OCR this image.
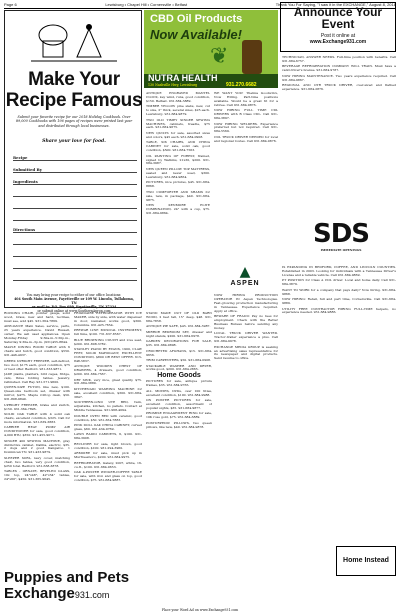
Page 6	Lewisburg • Chapel Hill • Cornersville • Belfast	Thank You For Saying, "I saw it in the EXCHANGE," August 8, 2018
Make Your Recipe Famous
Submit your favorite recipe for our 2018 Holiday Cookbook. Over 89,000 Cookbooks with 196 pages of recipes were printed last year and distributed through local businesses.
Share your love for food.
Recipe
Submitted By
Ingredients
Directions
You may bring your recipe to either of our office locations:
404 South Main Avenue, Fayetteville or 109 W. Lincoln, Tullahoma, TN
or mail to: P.O. Box 699, Fayetteville, TN 37334
or submit online at www.SouthernApron.com

ROCKING CHAIR, pointer gauge, solid wood, brass, new and hard, reclines, must see, sold $45. 931-364-7869.

APPLIANCE Main Sales, service, parts, 25 years experience. David Russell, owner. We sell used appliances. Open Monday-Friday 9:30a.m.-5:30p.m., Saturday 9:30a.m.-3p.m. (931)455-8844.

MAPLE DINING ROOM TABLE with 6 chairs and hutch, good condition, $550. 931-446-4937.

GREEK UPRIGHT FREEZER, self-defrost, two door, $175 each, good condition, $75 or best offer. Bedford. 931-333-9871.

JADE plants, planters, bird cages, fridge, cars, three folding tables. Jewelry, refinished. Call Ray. 931-571-9600.

QUEEN-SIZE FUTON, like new, $100. Queen-size bedroom set, dresser with mirror, $475. Maple rolltop desk, $50. 931-808-9849.

UPRIGHT FREEZER, brake and switch, $150. 931-364-7896.

SOLID OAK TABLE with 4 solid oak chairs, excellent condition, $325. Call for more information. 931-639-3883.

CARRIER HEAT PUMP AIR CONDITIONER for sale, good condition, 4,000 BTU, $350. 931-455-9071.

SINGER 400 SEWING MACHINE, gray distinctive cabinet, Dahlia, electric, $35. 2 dogs and 2 good Kangaroo. 1 Dominican TN. 931-433-9879.

SLEEPER SOFA, navy cover, matching chair, two tables, very good condition, $250 total. Bedford. 931-638-3878.

TABLES - ORNATE, BEVELED GLASS, 10x top, 24"x48", 42"x54" tables, 24"x60", $450. 931-365-9645.

FRIGIDAIRE REFRIGERATOR WITH ICE MAKER, side by side, with water dispenser in door, icemaker, works good, $300. Columbia. 931-425-7654.

PREWAR LINE MUSICAL INSTRUMENT, full time, $100. 731-637-8567.

BLUE BROWNING COUCH and love seat, $200. 931-808-3782.

STANLEY PIANO BY EVANS, 1900, CLAW FEET, SOLID MAHOGANY, EXCELLENT CONDITION, $800 OR BEST OFFER. 615-848-5837.

ANTIQUE WOODEN CHEST OF DRAWERS, 4 drawers, good condition, $200. 931-684-7567.

DRY SINK, very nice, great quality, $75. 931-684-3889.

KITCHENAID WASHING MACHINE for sale, excellent condition, $300. 931-684-3847.

SOUTHERN-LIND UTE BED, twin, adjustable, kitchen, no pallets. Contact at Middle Tennessee. 931-968-4094.

DOUBLE OVEN RED with ceramic, good condition, $50. 931-364-7883.

PINK DOLL OAK CHINA CABINET, curved glass, $60. 931-434-9769.

LAWN RADIO CABINETS, 6, $100. 931-684-3908.

RECLINER for sale, light brown, good condition, $100. 931-294-3960.

ARMOIRE for sale, must pick up in Murfreesboro, $200. 931-684-9975.

REFRIGERATOR, Galaxy, 2007, white, 16-cu.ft., $100. 931-684-9653.

OAK 4-POSTER WINGER-COFFEE TABLE for sale, with iron and glass on top, good condition, $75. 931-684-9887.

STAND MADE OUT OF OLD BARN WOOD, 2 feet tall, 15" deep, $48. 931-684-7858.

ANTIQUE PIE SAFE, $45. 931-684-3987.

MIRROR BEDROOM SET, dresser and night stands, $200. 931-684-6978.

GARDEN DECORATIONS FOR SALE, $35. 931-684-9898.

CROCHETED AFGHANS, $15. 931-684-9656.

TRIM CARPENTERS, $50. 931-684-0908.

STACKABLE WASHER AND DRYER, works good, $200. 931-684-2865.

Home Goods

PICTURES for sale, antique picture frames, $35. 931-684-9765.

ALL MOVIES, DVDs, over 100 titles, excellent condition, $100. 931-684-9988.

ON POSTER PICTURES for sale, excellent condition, assortment of popular sights, $35. 931-684-9877.

PROMISE ENGAGEMENT RING for sale, 10K rose gold, $75. 931-684-3889.

POSTURPEDIC PILLOWS, two queen pillows, like new, $40. 931-684-9878.

CBD Oil Products
Now Available!
❦
NUTRA HEALTH
130 Nashville Hwy, Lewisburg	931.270.6682

ANTIQUE ENGRAVED MANTEL CLOCK, key wind, runs, good condition, $150. Belfast. 931-684-3889.

TIMBER YELLOW pine slabs, new, cut to size, 2" thick, several sizes, $25 each. Lewisburg. 931-684-9879.

TWO OLD TIMEY SINGER SEWING MACHINES, cabinets, treadle, $75 each. 931-684-9675.

NEW QUILTS for sale, assorted sizes and colors, $45 each. 931-684-0908.

TABLE, SIX CHAIRS, AND CHINA CABINET for sale, solid oak, good condition, $500. 931-684-7563.

OIL PAINTING OF FOREST, framed, signed by Watkins, 21x30, $200. 931-684-3987.

NEW QUEEN PILLOW TOP MATTRESS, sealed and never used, $300. Lewisburg. 931-684-9864.

PICTURES, nice pictures, $45. 931-684-8868.

TWO COMFORTER AND SHAMS for sale, new, in package, $40. 931-684-9875.

NEW KENMORE ELITE COMBINATION, 24" with a cup, $75. 931-684-9864.

WE WANT YOU! Thelma Goodwin's, Now Hiring. Part-time positions available. Would be a great fit for a retiree. Call 931-684-9876.

NOW HIRING FULL TIME CDL DRIVERS with B Class CDL. Call 931-684-3897.

NOW HIRING WELDERS. Experience preferred but not required. Call 931-684-5569.

CDL TRUCK DRIVER NEEDED for local and regional routes. Call 931-684-9876.

▲
ASPEN

NOW HIRING PRODUCTION OPERATOR IN Aspen Technologies. Fast-growing production manufacturing in Tennessee. Experience required. Apply at office.

BEWARE OF FRAUD: Pay no fees for employment. Check with the Better Business Bureau before sending any money.

LOCAL TRUCK DRIVER WANTED. Tractor-trailer experience a plus. Call 931-684-9978.

EXCHANGE MEDIA GROUP is seeking an advertising sales representative for its newspaper and digital products. Send resume to office.

Announce Your Event
Post it online at
www.Exchange931.com

TECHNICIAN, ANSWER NEEDS. Full-time position with benefits. Call 931-684-6757.

BEVERAGE REFRIGERATION COMPANY WILL TRAIN. Must have a valid driver's license. 931-684-9787.

NOW HIRING MAINTENANCE. Two years experience required. Call 931-684-9867.

REGIONAL AND OTR TRUCK DRIVER, over-sized and flatbed experience. 931-684-2876.

SDS
IMMEDIATE OPENINGS

IS EXPANDING IN BEDFORD, COFFEE, AND LINCOLN COUNTIES. Established in 2003. Looking for individuals with a Tennessee Driver's License and a reliable vehicle. Call 931-684-9869.

PT POSITION for Class A CDL driver. Local and home daily. Call 931-684-3879.

WANT TO WORK for a company that pays daily? Now hiring. 931-684-9868.

NOW HIRING: Retail, full and part time, Cornersville. Call 931-684-9889.

UTILITY FREE CONTRACTOR HIRING FULL-TIME helpers, no experience needed. 931-684-9886.

Home Instead
Puppies and Pets
Exchange931.com
Place your Word Ad on www.Exchange931.com
